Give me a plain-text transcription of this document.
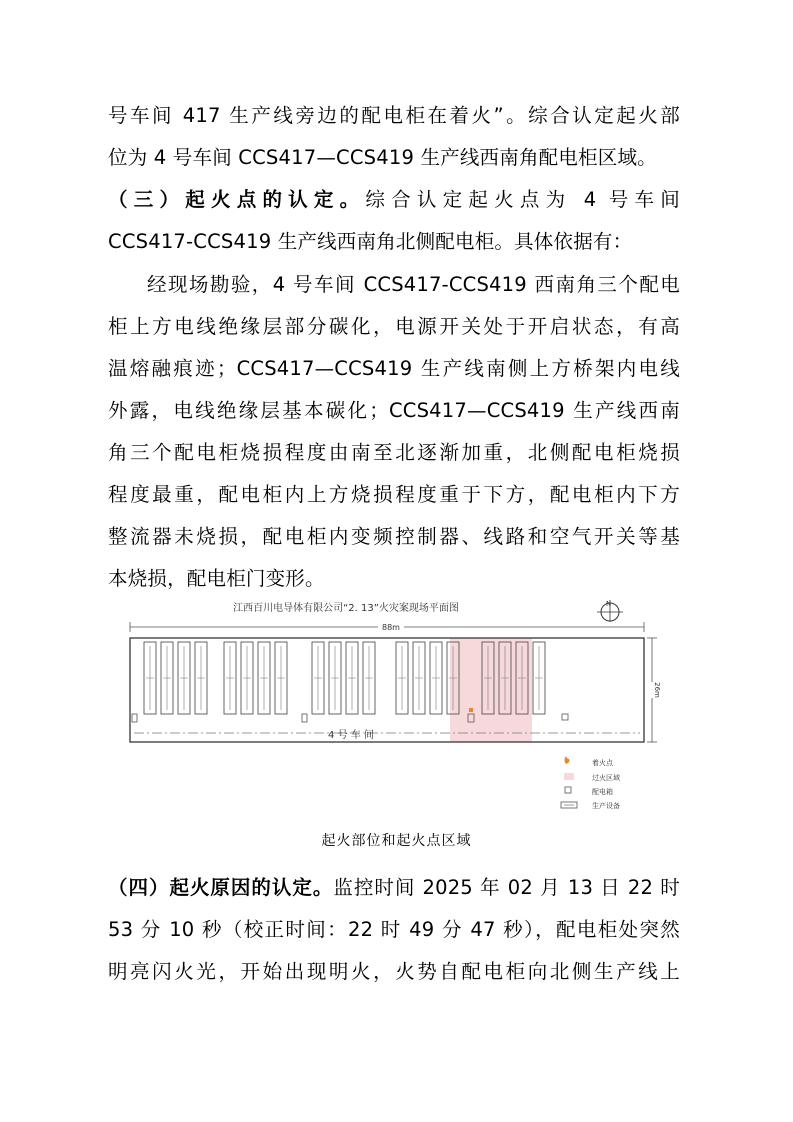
号车间 417 生产线旁边的配电柜在着火”。综合认定起火部
位为 4 号车间 CCS417—CCS419 生产线西南角配电柜区域。
（三）起火点的认定。综合认定起火点为 4 号车间
CCS417-CCS419 生产线西南角北侧配电柜。具体依据有：
经现场勘验，4 号车间 CCS417-CCS419 西南角三个配电
柜上方电线绝缘层部分碳化，电源开关处于开启状态，有高
温熔融痕迹；CCS417—CCS419 生产线南侧上方桥架内电线
外露，电线绝缘层基本碳化；CCS417—CCS419 生产线西南
角三个配电柜烧损程度由南至北逐渐加重，北侧配电柜烧损
程度最重，配电柜内上方烧损程度重于下方，配电柜内下方
整流器未烧损，配电柜内变频控制器、线路和空气开关等基
本烧损，配电柜门变形。
江西百川电导体有限公司“2. 13”火灾案现场平面图	N
88m
26m
4 号 车 间
着火点
过火区域
配电箱
生产设备
起火部位和起火点区域
（四）起火原因的认定。监控时间 2025 年 02 月 13 日 22 时
53 分 10 秒（校正时间：22 时 49 分 47 秒），配电柜处突然
明亮闪火光，开始出现明火，火势自配电柜向北侧生产线上
